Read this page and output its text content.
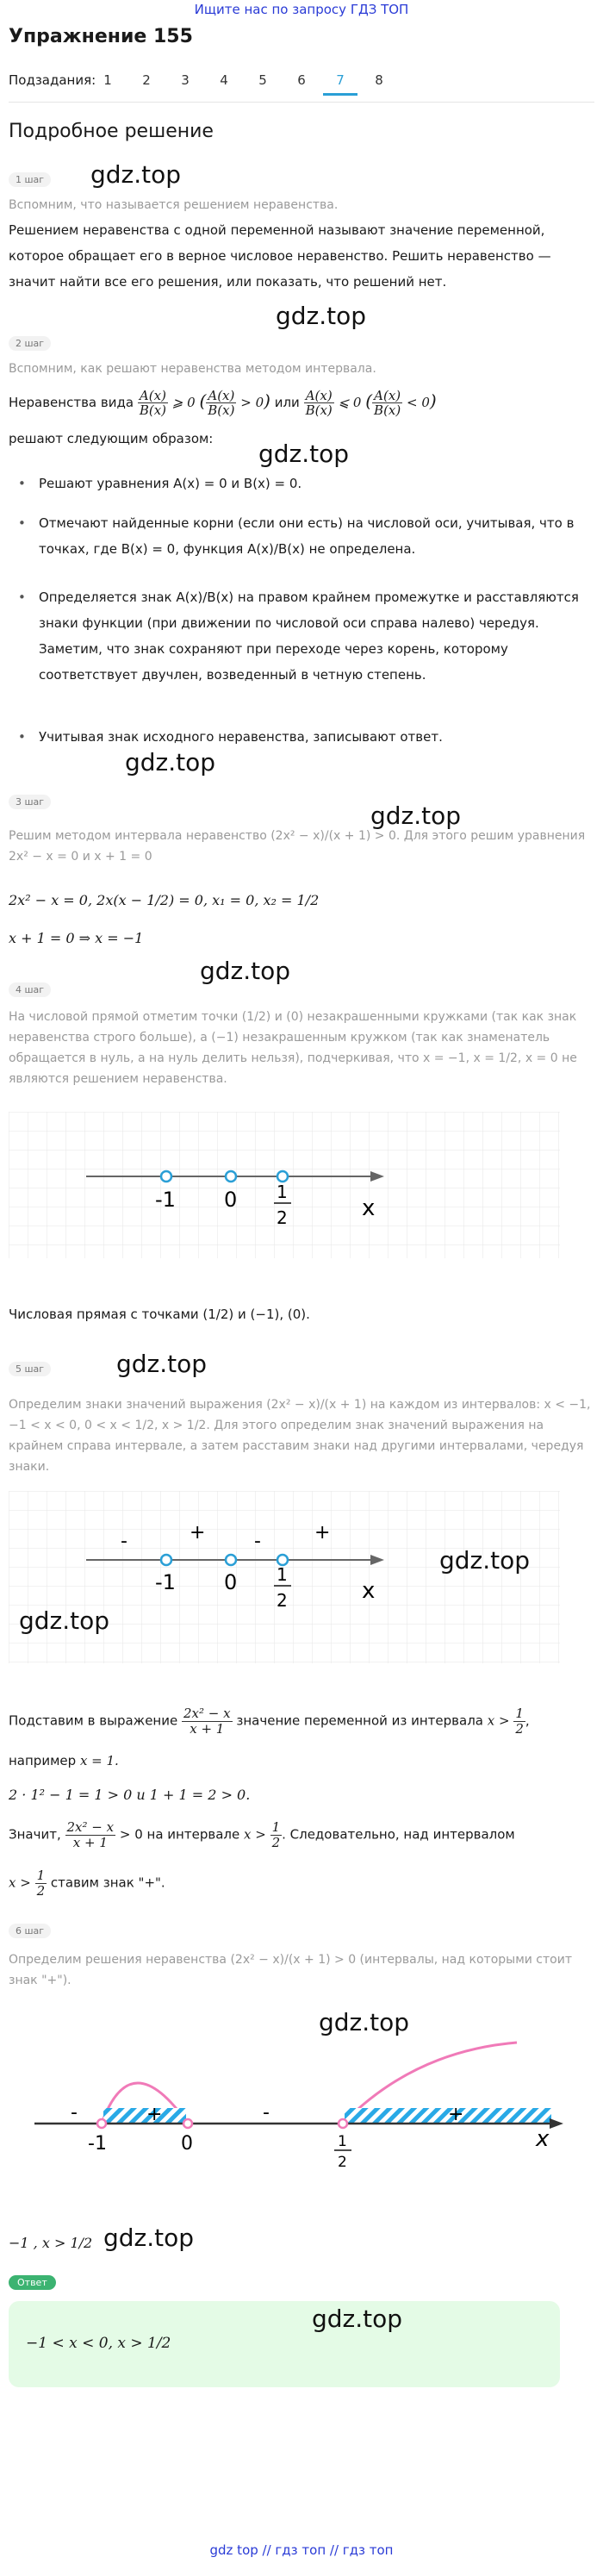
Ищите нас по запросу ГДЗ ТОП
Упражнение 155
Подзадания: 1	2	3	4	5	6	7	8
Подробное решение
1 шаг gdz.top
Вспомним, что называется решением неравенства.
Решением неравенства с одной переменной называют значение переменной, которое обращает его в верное числовое неравенство. Решить неравенство — значит найти все его решения, или показать, что решений нет.
gdz.top
2 шаг
Вспомним, как решают неравенства методом интервала.
Неравенства вида $\frac{A(x)}{B(x)}$ ⩾ 0 ( $\frac{A(x)}{B(x)} > 0$) или $\frac{A(x)}{B(x)}$ ⩽ 0 ( $\frac{A(x)}{B(x)} < 0$)
решают следующим образом:
gdz.top
• Решают уравнения A(x) = 0 и B(x) = 0.
• Отмечают найденные корни (если они есть) на числовой оси, учитывая, что в точках, где B(x) = 0, функция A(x)/B(x) не определена.
• Определяется знак A(x)/B(x) на правом крайнем промежутке и расставляются знаки функции (при движении по числовой оси справа налево) чередуя. Заметим, что знак сохраняют при переходе через корень, которому соответствует двучлен, возведенный в четную степень.
• Учитывая знак исходного неравенства, записывают ответ.
gdz.top
gdz.top
3 шаг
Решим методом интервала неравенство (2x² − x)/(x + 1) > 0. Для этого решим уравнения 2x² − x = 0 и x + 1 = 0
2x² − x = 0, 2x(x − 1/2) = 0, x₁ = 0, x₂ = 1/2
x + 1 = 0 ⇒ x = −1
gdz.top
4 шаг
На числовой прямой отметим точки (1/2) и (0) незакрашенными кружками (так как знак неравенства строго больше), а (−1) незакрашенным кружком (так как знаменатель обращается в нуль, а на нуль делить нельзя), подчеркивая, что x = −1, x = 1/2, x = 0 не являются решением неравенства.
-1 0 1
2	x
Числовая прямая с точками (1/2) и (−1), (0).
gdz.top
5 шаг
Определим знаки значений выражения (2x² − x)/(x + 1) на каждом из интервалов: x < −1, −1 < x < 0, 0 < x < 1/2, x > 1/2. Для этого определим знак значений выражения на крайнем справа интервале, а затем расставим знаки над другими интервалами, чередуя знаки.
-	+	-	+
-1 0 1
2	x
gdz.top
gdz.top
Подставим в выражение $\frac{\text{2x² − x}}{x + 1}$ значение переменной из интервала $x > \frac{1}{2}$ ,
например x = 1.
2 · 1² − 1 = 1 > 0 и 1 + 1 = 2 > 0.
Значит, $\frac{\text{2x² − x}}{x + 1} > 0$ на интервале $x > \frac{1}{2}$ . Следовательно, над интервалом
$x > \frac{1}{2}$ ставим знак "+".
6 шаг
Определим решения неравенства (2x² − x)/(x + 1) > 0 (интервалы, над которыми стоит знак "+").
gdz.top
-	+	-	+
-1	0	1
2
x
−1 , x > 1/2 gdz.top
Ответ
−1 < x < 0, x > 1/2
gdz.top
gdz top // гдз топ // гдз топ
